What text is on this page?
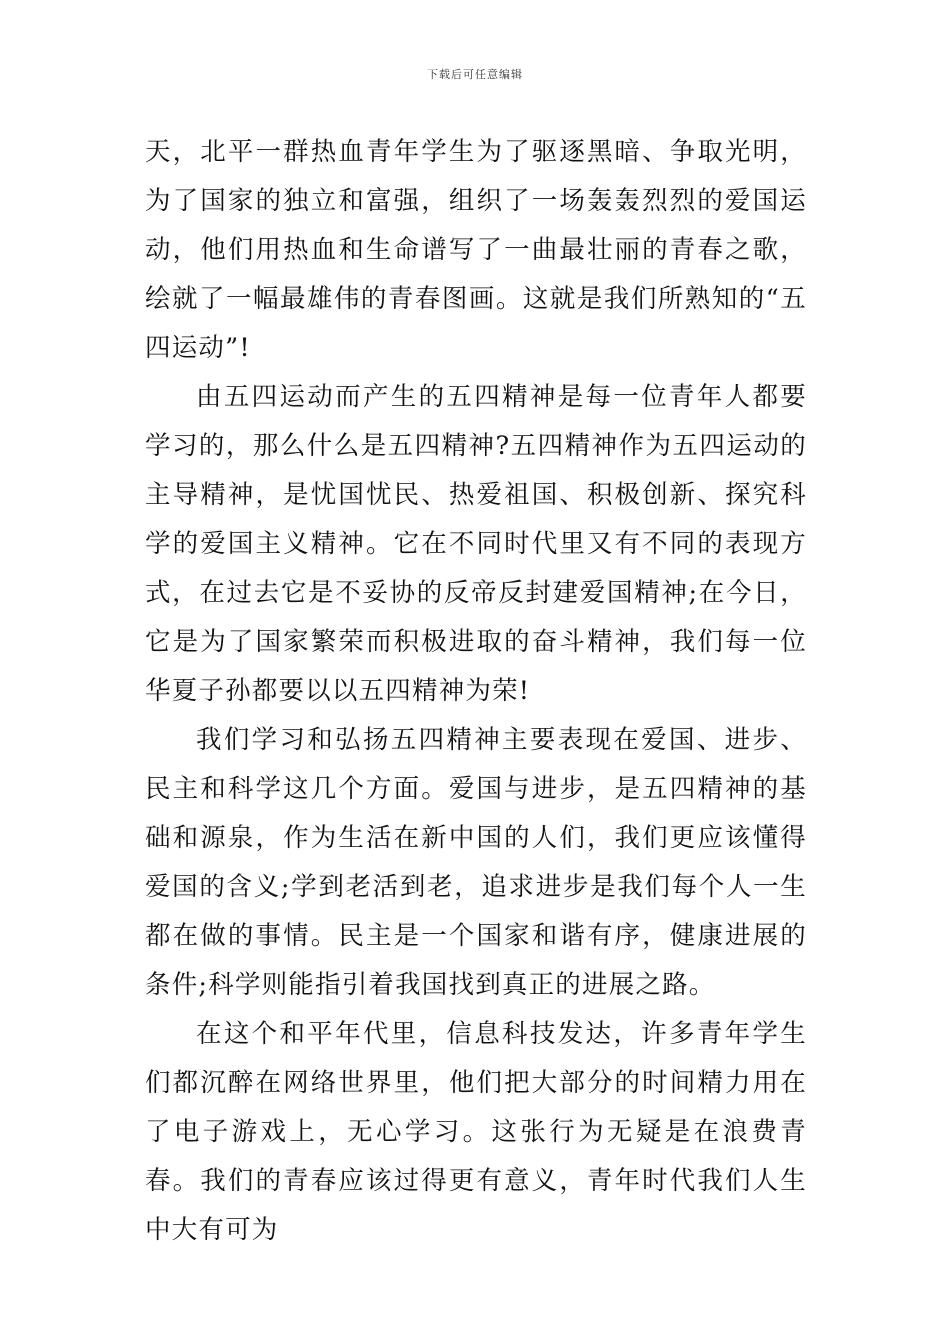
下载后可任意编辑

天，北平一群热血青年学生为了驱逐黑暗、争取光明，为了国家的独立和富强，组织了一场轰轰烈烈的爱国运动，他们用热血和生命谱写了一曲最壮丽的青春之歌，绘就了一幅最雄伟的青春图画。这就是我们所熟知的“五四运动”!

由五四运动而产生的五四精神是每一位青年人都要学习的，那么什么是五四精神?五四精神作为五四运动的主导精神，是忧国忧民、热爱祖国、积极创新、探究科学的爱国主义精神。它在不同时代里又有不同的表现方式，在过去它是不妥协的反帝反封建爱国精神;在今日，它是为了国家繁荣而积极进取的奋斗精神，我们每一位华夏子孙都要以以五四精神为荣!

我们学习和弘扬五四精神主要表现在爱国、进步、民主和科学这几个方面。爱国与进步，是五四精神的基础和源泉，作为生活在新中国的人们，我们更应该懂得爱国的含义;学到老活到老，追求进步是我们每个人一生都在做的事情。民主是一个国家和谐有序，健康进展的条件;科学则能指引着我国找到真正的进展之路。

在这个和平年代里，信息科技发达，许多青年学生们都沉醉在网络世界里，他们把大部分的时间精力用在了电子游戏上，无心学习。这张行为无疑是在浪费青春。我们的青春应该过得更有意义，青年时代我们人生中大有可为
